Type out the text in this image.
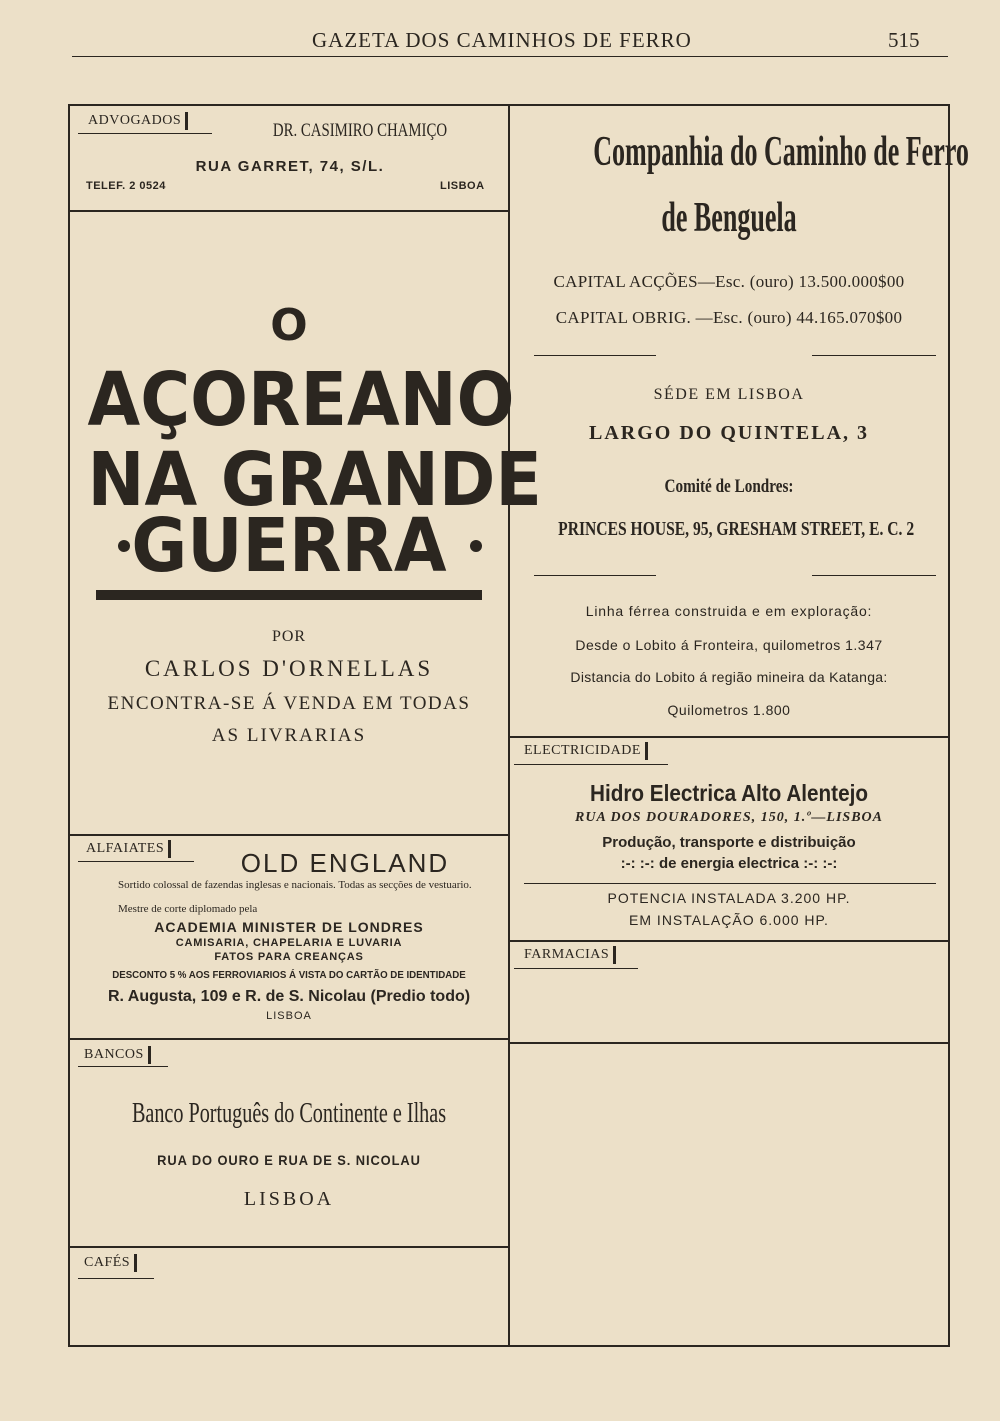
GAZETA DOS CAMINHOS DE FERRO	515
ADVOGADOS	DR. CASIMIRO CHAMIÇO
RUA GARRET, 74, S/L.
TELEF. 2 0524	LISBOA
O
AÇOREANO
NA GRANDE
GUERRA
POR
CARLOS D'ORNELLAS
ENCONTRA-SE Á VENDA EM TODAS
AS LIVRARIAS
ALFAIATES	OLD ENGLAND
Sortido colossal de fazendas inglesas e nacionais. Todas as secções de vestuario.
Mestre de corte diplomado pela
ACADEMIA MINISTER DE LONDRES
CAMISARIA, CHAPELARIA E LUVARIA
FATOS PARA CREANÇAS
DESCONTO 5 % AOS FERROVIARIOS Á VISTA DO CARTÃO DE IDENTIDADE
R. Augusta, 109 e R. de S. Nicolau (Predio todo)
LISBOA
BANCOS
Banco Português do Continente e Ilhas
RUA DO OURO E RUA DE S. NICOLAU
LISBOA
CAFÉS
Companhia do Caminho de Ferro
de Benguela
CAPITAL ACÇÕES—Esc. (ouro) 13.500.000$00
CAPITAL OBRIG. —Esc. (ouro) 44.165.070$00
SÉDE EM LISBOA
LARGO DO QUINTELA, 3
Comité de Londres:
PRINCES HOUSE, 95, GRESHAM STREET, E. C. 2
Linha férrea construida e em exploração:
Desde o Lobito á Fronteira, quilometros 1.347
Distancia do Lobito á região mineira da Katanga:
Quilometros 1.800
ELECTRICIDADE
Hidro Electrica Alto Alentejo
RUA DOS DOURADORES, 150, 1.º—LISBOA
Produção, transporte e distribuição
:-: :-: de energia electrica :-: :-:
POTENCIA INSTALADA 3.200 HP.
EM INSTALAÇÃO 6.000 HP.
FARMACIAS
